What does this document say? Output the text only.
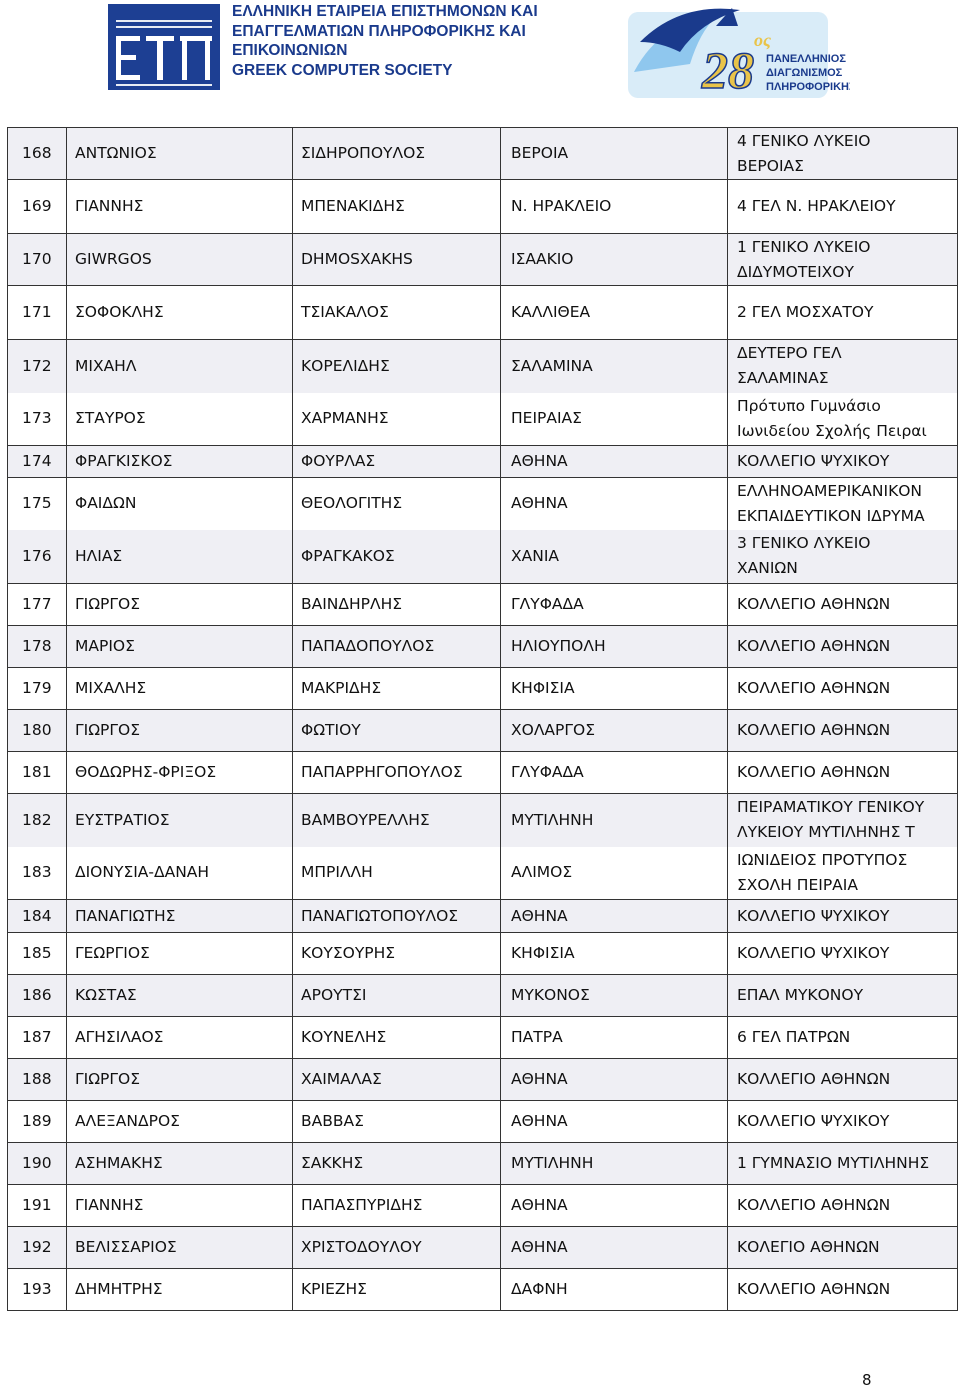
ΕΛΛΗΝΙΚΗ ΕΤΑΙΡΕΙΑ ΕΠΙΣΤΗΜΟΝΩΝ ΚΑΙ
ΕΠΑΓΓΕΛΜΑΤΙΩΝ ΠΛΗΡΟΦΟΡΙΚΗΣ ΚΑΙ
ΕΠΙΚΟΙΝΩΝΙΩΝ
GREEK COMPUTER SOCIETY	28
ος
ΠΑΝΕΛΛΗΝΙΟΣ
ΔΙΑΓΩΝΙΣΜΟΣ
ΠΛΗΡΟΦΟΡΙΚΗΣ
168	ΑΝΤΩΝΙΟΣ	ΣΙΔΗΡΟΠΟΥΛΟΣ	ΒΕΡΟΙΑ	4 ΓΕΝΙΚΟ ΛΥΚΕΙΟ
ΒΕΡΟΙΑΣ

169	ΓΙΑΝΝΗΣ	ΜΠΕΝΑΚΙΔΗΣ	Ν. ΗΡΑΚΛΕΙΟ	4 ΓΕΛ Ν. ΗΡΑΚΛΕΙΟΥ

170	GIWRGOS	DHMOSXAKHS	ΙΣΑΑΚΙΟ	1 ΓΕΝΙΚΟ ΛΥΚΕΙΟ
ΔΙΔΥΜΟΤΕΙΧΟΥ

171	ΣΟΦΟΚΛΗΣ	ΤΣΙΑΚΑΛΟΣ	ΚΑΛΛΙΘΕΑ	2 ΓΕΛ ΜΟΣΧΑΤΟΥ

172	ΜΙΧΑΗΛ	ΚΟΡΕΛΙΔΗΣ	ΣΑΛΑΜΙΝΑ	ΔΕΥΤΕΡΟ ΓΕΛ
ΣΑΛΑΜΙΝΑΣ

173	ΣΤΑΥΡΟΣ	ΧΑΡΜΑΝΗΣ	ΠΕΙΡΑΙΑΣ	Πρότυπο Γυμνάσιο
Ιωνιδείου Σχολής Πειραι

174	ΦΡΑΓΚΙΣΚΟΣ	ΦΟΥΡΛΑΣ	ΑΘΗΝΑ	ΚΟΛΛΕΓΙΟ ΨΥΧΙΚΟΥ

175	ΦΑΙΔΩΝ	ΘΕΟΛΟΓΙΤΗΣ	ΑΘΗΝΑ	ΕΛΛΗΝΟΑΜΕΡΙΚΑΝΙΚΟΝ
ΕΚΠΑΙΔΕΥΤΙΚΟΝ ΙΔΡΥΜΑ

176	ΗΛΙΑΣ	ΦΡΑΓΚΑΚΟΣ	ΧΑΝΙΑ	3 ΓΕΝΙΚΟ ΛΥΚΕΙΟ
ΧΑΝΙΩΝ

177	ΓΙΩΡΓΟΣ	ΒΑΙΝΔΗΡΛΗΣ	ΓΛΥΦΑΔΑ	ΚΟΛΛΕΓΙΟ ΑΘΗΝΩΝ

178	ΜΑΡΙΟΣ	ΠΑΠΑΔΟΠΟΥΛΟΣ	ΗΛΙΟΥΠΟΛΗ	ΚΟΛΛΕΓΙΟ ΑΘΗΝΩΝ

179	ΜΙΧΑΛΗΣ	ΜΑΚΡΙΔΗΣ	ΚΗΦΙΣΙΑ	ΚΟΛΛΕΓΙΟ ΑΘΗΝΩΝ

180	ΓΙΩΡΓΟΣ	ΦΩΤΙΟΥ	ΧΟΛΑΡΓΟΣ	ΚΟΛΛΕΓΙΟ ΑΘΗΝΩΝ

181	ΘΟΔΩΡΗΣ-ΦΡΙΞΟΣ	ΠΑΠΑΡΡΗΓΟΠΟΥΛΟΣ	ΓΛΥΦΑΔΑ	ΚΟΛΛΕΓΙΟ ΑΘΗΝΩΝ

182	ΕΥΣΤΡΑΤΙΟΣ	ΒΑΜΒΟΥΡΕΛΛΗΣ	ΜΥΤΙΛΗΝΗ	ΠΕΙΡΑΜΑΤΙΚΟΥ ΓΕΝΙΚΟΥ
ΛΥΚΕΙΟΥ ΜΥΤΙΛΗΝΗΣ Τ

183	ΔΙΟΝΥΣΙΑ-ΔΑΝΑΗ	ΜΠΡΙΛΛΗ	ΑΛΙΜΟΣ	ΙΩΝΙΔΕΙΟΣ ΠΡΟΤΥΠΟΣ
ΣΧΟΛΗ ΠΕΙΡΑΙΑ

184	ΠΑΝΑΓΙΩΤΗΣ	ΠΑΝΑΓΙΩΤΟΠΟΥΛΟΣ	ΑΘΗΝΑ	ΚΟΛΛΕΓΙΟ ΨΥΧΙΚΟΥ

185	ΓΕΩΡΓΙΟΣ	ΚΟΥΣΟΥΡΗΣ	ΚΗΦΙΣΙΑ	ΚΟΛΛΕΓΙΟ ΨΥΧΙΚΟΥ

186	ΚΩΣΤΑΣ	ΑΡΟΥΤΣΙ	ΜΥΚΟΝΟΣ	ΕΠΑΛ ΜΥΚΟΝΟΥ

187	ΑΓΗΣΙΛΑΟΣ	ΚΟΥΝΕΛΗΣ	ΠΑΤΡΑ	6 ΓΕΛ ΠΑΤΡΩΝ

188	ΓΙΩΡΓΟΣ	ΧΑΙΜΑΛΑΣ	ΑΘΗΝΑ	ΚΟΛΛΕΓΙΟ ΑΘΗΝΩΝ

189	ΑΛΕΞΑΝΔΡΟΣ	ΒΑΒΒΑΣ	ΑΘΗΝΑ	ΚΟΛΛΕΓΙΟ ΨΥΧΙΚΟΥ

190	ΑΣΗΜΑΚΗΣ	ΣΑΚΚΗΣ	ΜΥΤΙΛΗΝΗ	1 ΓΥΜΝΑΣΙΟ ΜΥΤΙΛΗΝΗΣ

191	ΓΙΑΝΝΗΣ	ΠΑΠΑΣΠΥΡΙΔΗΣ	ΑΘΗΝΑ	ΚΟΛΛΕΓΙΟ ΑΘΗΝΩΝ

192	ΒΕΛΙΣΣΑΡΙΟΣ	ΧΡΙΣΤΟΔΟΥΛΟΥ	ΑΘΗΝΑ	ΚΟΛΕΓΙΟ ΑΘΗΝΩΝ

193	ΔΗΜΗΤΡΗΣ	ΚΡΙΕΖΗΣ	ΔΑΦΝΗ	ΚΟΛΛΕΓΙΟ ΑΘΗΝΩΝ
8
